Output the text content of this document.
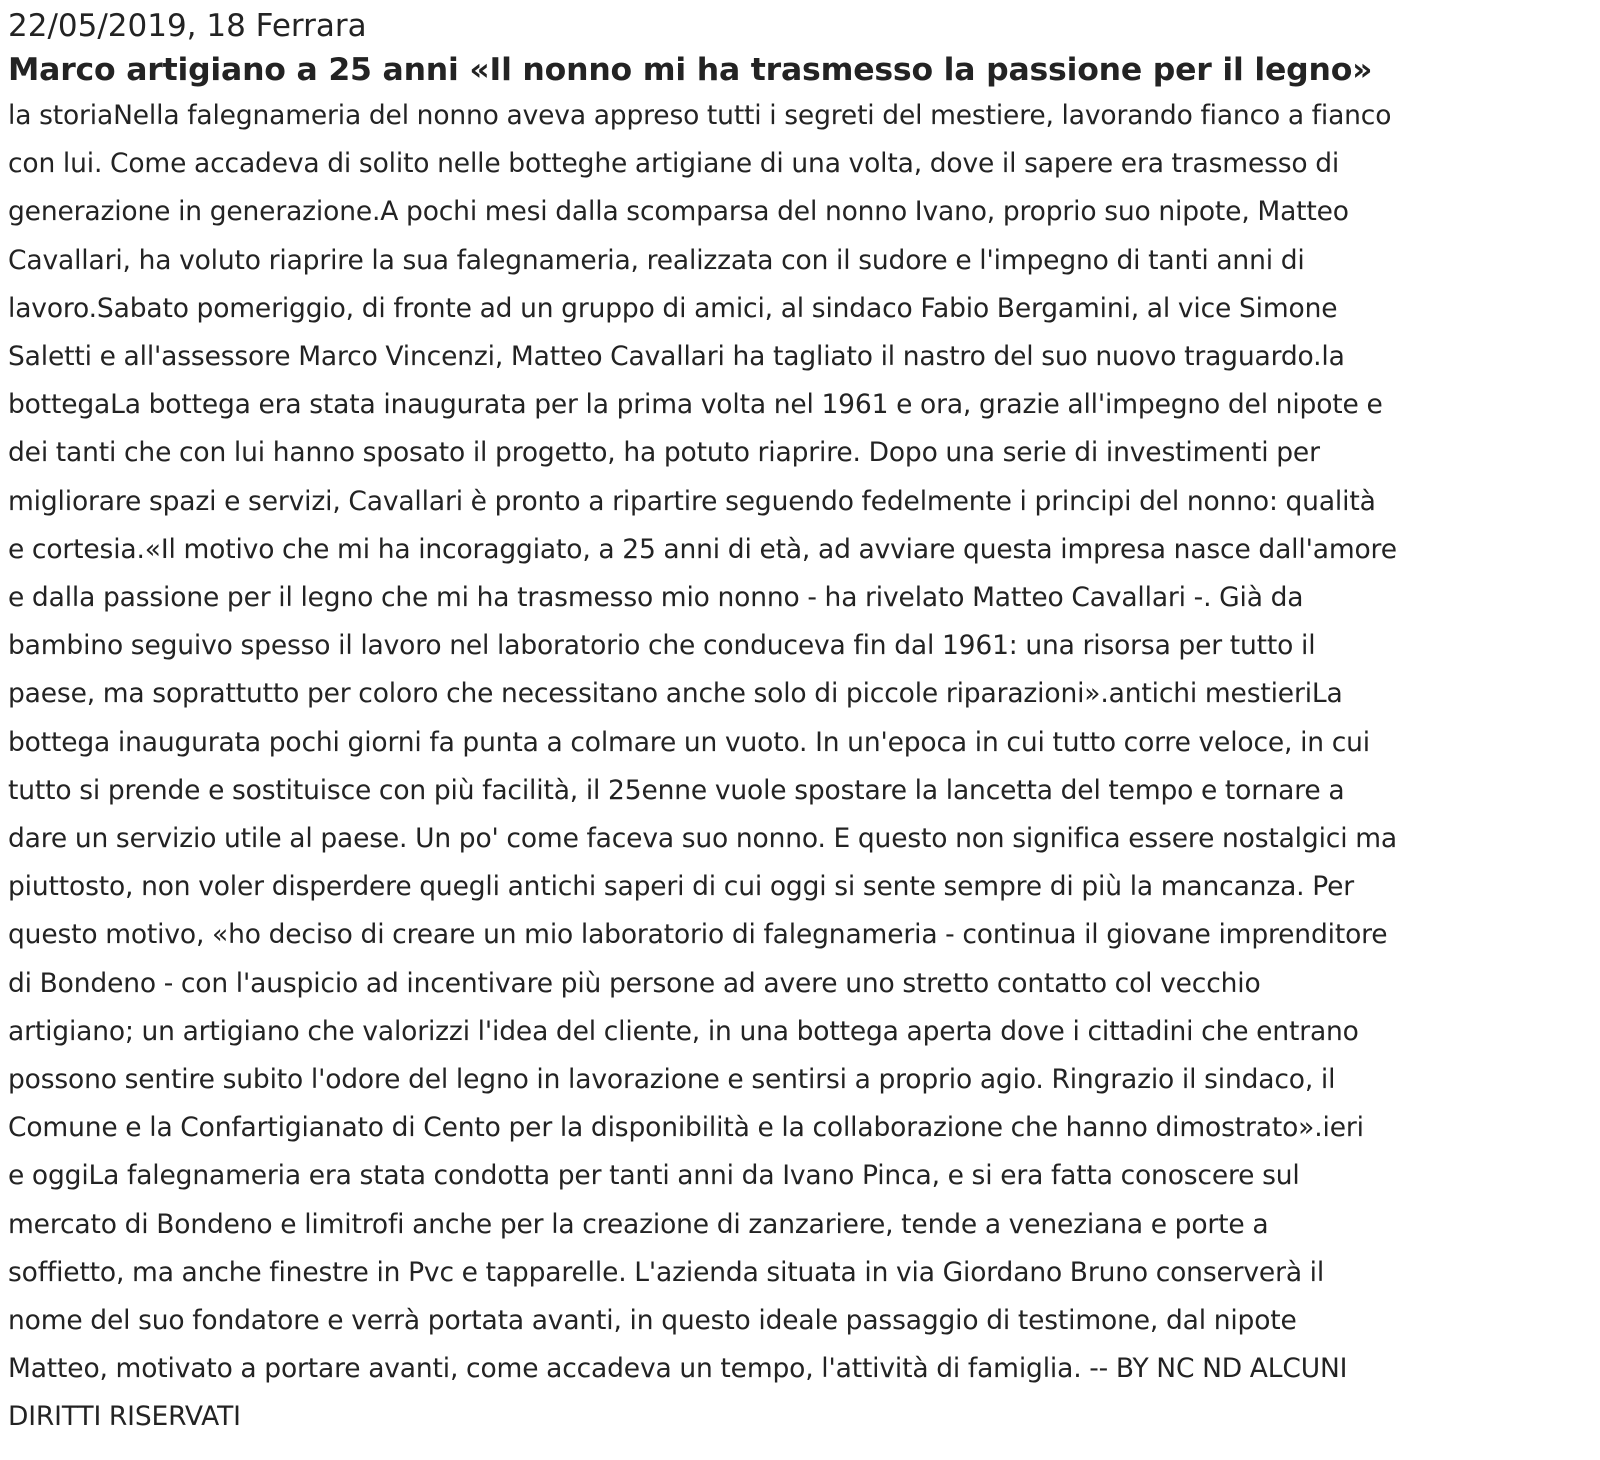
22/05/2019, 18 Ferrara
Marco artigiano a 25 anni «Il nonno mi ha trasmesso la passione per il legno»
la storiaNella falegnameria del nonno aveva appreso tutti i segreti del mestiere, lavorando fianco a fianco
con lui. Come accadeva di solito nelle botteghe artigiane di una volta, dove il sapere era trasmesso di
generazione in generazione.A pochi mesi dalla scomparsa del nonno Ivano, proprio suo nipote, Matteo
Cavallari, ha voluto riaprire la sua falegnameria, realizzata con il sudore e l'impegno di tanti anni di
lavoro.Sabato pomeriggio, di fronte ad un gruppo di amici, al sindaco Fabio Bergamini, al vice Simone
Saletti e all'assessore Marco Vincenzi, Matteo Cavallari ha tagliato il nastro del suo nuovo traguardo.la
bottegaLa bottega era stata inaugurata per la prima volta nel 1961 e ora, grazie all'impegno del nipote e
dei tanti che con lui hanno sposato il progetto, ha potuto riaprire. Dopo una serie di investimenti per
migliorare spazi e servizi, Cavallari è pronto a ripartire seguendo fedelmente i principi del nonno: qualità
e cortesia.«Il motivo che mi ha incoraggiato, a 25 anni di età, ad avviare questa impresa nasce dall'amore
e dalla passione per il legno che mi ha trasmesso mio nonno - ha rivelato Matteo Cavallari -. Già da
bambino seguivo spesso il lavoro nel laboratorio che conduceva fin dal 1961: una risorsa per tutto il
paese, ma soprattutto per coloro che necessitano anche solo di piccole riparazioni».antichi mestieriLa
bottega inaugurata pochi giorni fa punta a colmare un vuoto. In un'epoca in cui tutto corre veloce, in cui
tutto si prende e sostituisce con più facilità, il 25enne vuole spostare la lancetta del tempo e tornare a
dare un servizio utile al paese. Un po' come faceva suo nonno. E questo non significa essere nostalgici ma
piuttosto, non voler disperdere quegli antichi saperi di cui oggi si sente sempre di più la mancanza. Per
questo motivo, «ho deciso di creare un mio laboratorio di falegnameria - continua il giovane imprenditore
di Bondeno - con l'auspicio ad incentivare più persone ad avere uno stretto contatto col vecchio
artigiano; un artigiano che valorizzi l'idea del cliente, in una bottega aperta dove i cittadini che entrano
possono sentire subito l'odore del legno in lavorazione e sentirsi a proprio agio. Ringrazio il sindaco, il
Comune e la Confartigianato di Cento per la disponibilità e la collaborazione che hanno dimostrato».ieri
e oggiLa falegnameria era stata condotta per tanti anni da Ivano Pinca, e si era fatta conoscere sul
mercato di Bondeno e limitrofi anche per la creazione di zanzariere, tende a veneziana e porte a
soffietto, ma anche finestre in Pvc e tapparelle. L'azienda situata in via Giordano Bruno conserverà il
nome del suo fondatore e verrà portata avanti, in questo ideale passaggio di testimone, dal nipote
Matteo, motivato a portare avanti, come accadeva un tempo, l'attività di famiglia. -- BY NC ND ALCUNI
DIRITTI RISERVATI
